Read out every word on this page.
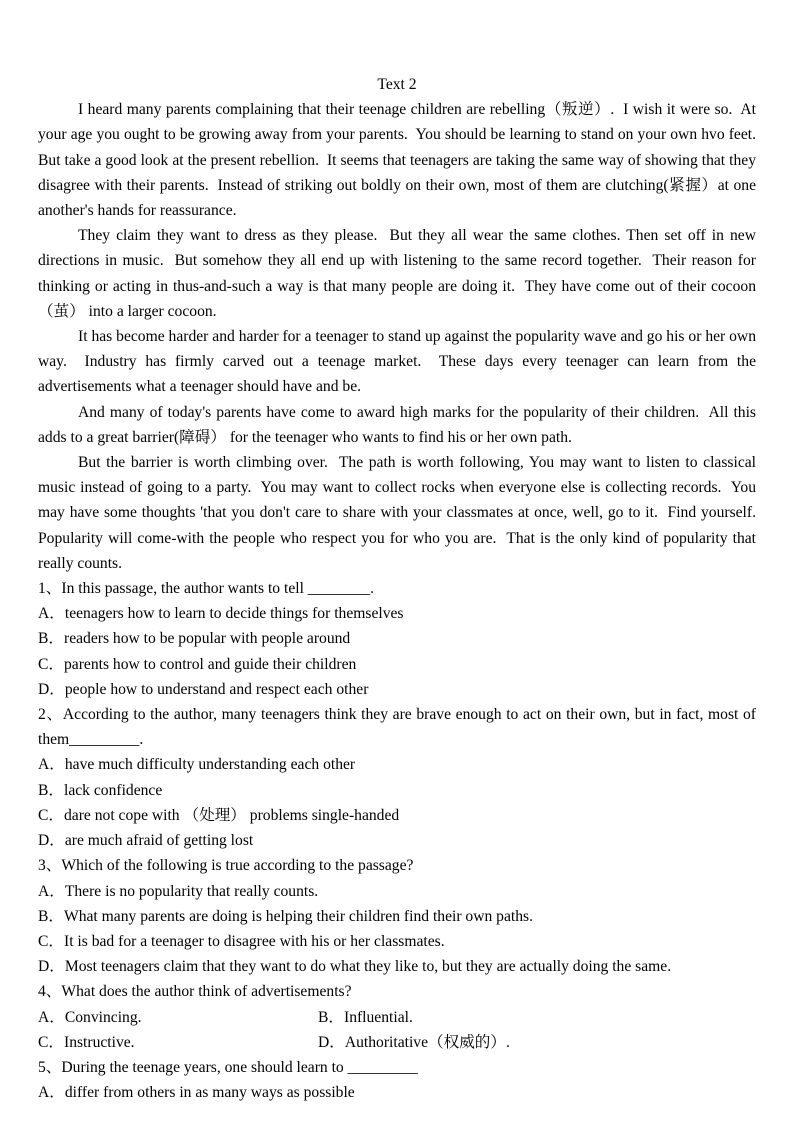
Text 2

I heard many parents complaining that their teenage children are rebelling（叛逆）.  I wish it were so.  At your age you ought to be growing away from your parents.  You should be learning to stand on your own hvo feet.  But take a good look at the present rebellion.  It seems that teenagers are taking the same way of showing that they disagree with their parents.  Instead of striking out boldly on their own, most of them are clutching(紧握）at one another's hands for reassurance.

They claim they want to dress as they please.  But they all wear the same clothes. Then set off in new directions in music.  But somehow they all end up with listening to the same record together.  Their reason for thinking or acting in thus-and-such a way is that many people are doing it.  They have come out of their cocoon（茧） into a larger cocoon.

It has become harder and harder for a teenager to stand up against the popularity wave and go his or her own way.  Industry has firmly carved out a teenage market.  These days every teenager can learn from the advertisements what a teenager should have and be.

And many of today's parents have come to award high marks for the popularity of their children.  All this adds to a great barrier(障碍） for the teenager who wants to find his or her own path.

But the barrier is worth climbing over.  The path is worth following, You may want to listen to classical music instead of going to a party.  You may want to collect rocks when everyone else is collecting records.  You may have some thoughts 'that you don't care to share with your classmates at once, well, go to it.  Find yourself.  Popularity will come-with the people who respect you for who you are.  That is the only kind of popularity that really counts.

1、In this passage, the author wants to tell ________.
A．teenagers how to learn to decide things for themselves
B．readers how to be popular with people around
C．parents how to control and guide their children
D．people how to understand and respect each other
2、According to the author, many teenagers think they are brave enough to act on their own, but in fact, most of them_________.
A．have much difficulty understanding each other
B．lack confidence
C．dare not cope with （处理） problems single-handed
D．are much afraid of getting lost
3、Which of the following is true according to the passage?
A．There is no popularity that really counts.
B．What many parents are doing is helping their children find their own paths.
C．It is bad for a teenager to disagree with his or her classmates.
D．Most teenagers claim that they want to do what they like to, but they are actually doing the same.
4、What does the author think of advertisements?
A．Convincing.	B．Influential.
C．Instructive.	D．Authoritative（权威的）.
5、During the teenage years, one should learn to _________
A．differ from others in as many ways as possible
